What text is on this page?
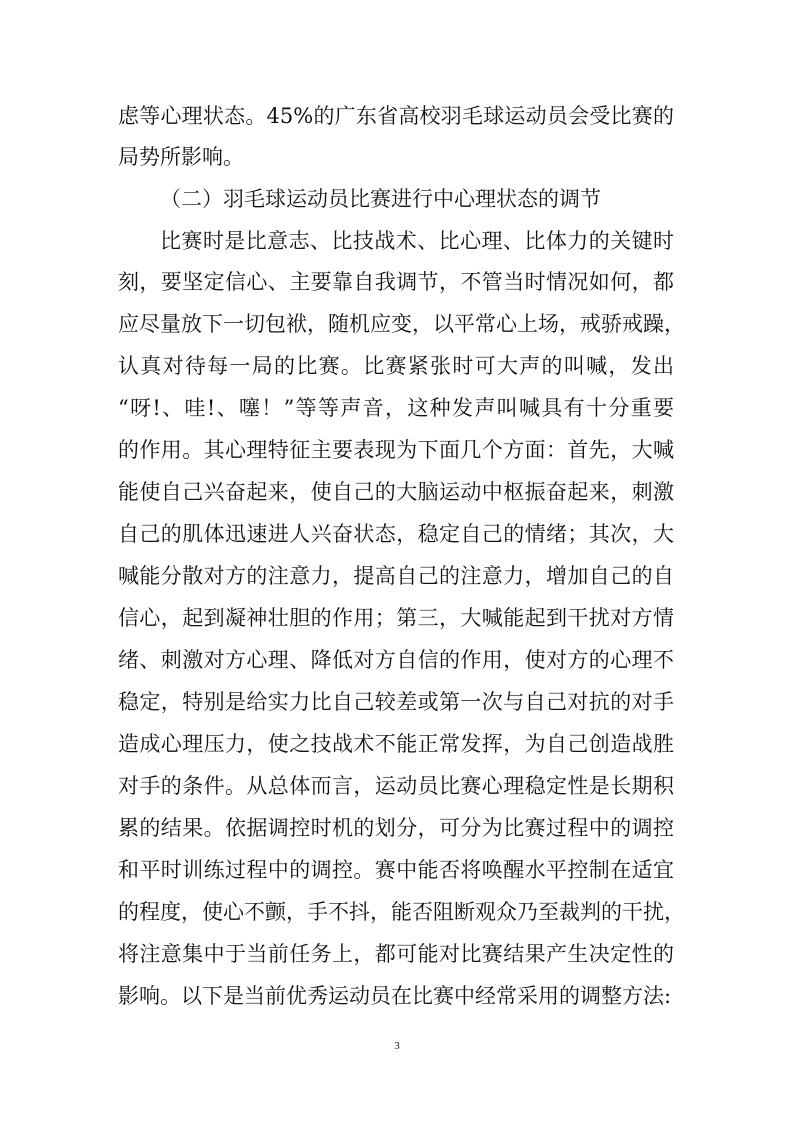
虑等心理状态。45%的广东省高校羽毛球运动员会受比赛的
局势所影响。
（二）羽毛球运动员比赛进行中心理状态的调节
比赛时是比意志、比技战术、比心理、比体力的关键时
刻，要坚定信心、主要靠自我调节，不管当时情况如何，都
应尽量放下一切包袱，随机应变，以平常心上场，戒骄戒躁，
认真对待每一局的比赛。比赛紧张时可大声的叫喊，发出
“呀!、哇!、噻！”等等声音，这种发声叫喊具有十分重要
的作用。其心理特征主要表现为下面几个方面：首先，大喊
能使自己兴奋起来，使自己的大脑运动中枢振奋起来，刺激
自己的肌体迅速进人兴奋状态，稳定自己的情绪；其次，大
喊能分散对方的注意力，提高自己的注意力，增加自己的自
信心，起到凝神壮胆的作用；第三，大喊能起到干扰对方情
绪、刺激对方心理、降低对方自信的作用，使对方的心理不
稳定，特别是给实力比自己较差或第一次与自己对抗的对手
造成心理压力，使之技战术不能正常发挥，为自己创造战胜
对手的条件。从总体而言，运动员比赛心理稳定性是长期积
累的结果。依据调控时机的划分，可分为比赛过程中的调控
和平时训练过程中的调控。赛中能否将唤醒水平控制在适宜
的程度，使心不颤，手不抖，能否阻断观众乃至裁判的干扰，
将注意集中于当前任务上，都可能对比赛结果产生决定性的
影响。以下是当前优秀运动员在比赛中经常采用的调整方法:
3
